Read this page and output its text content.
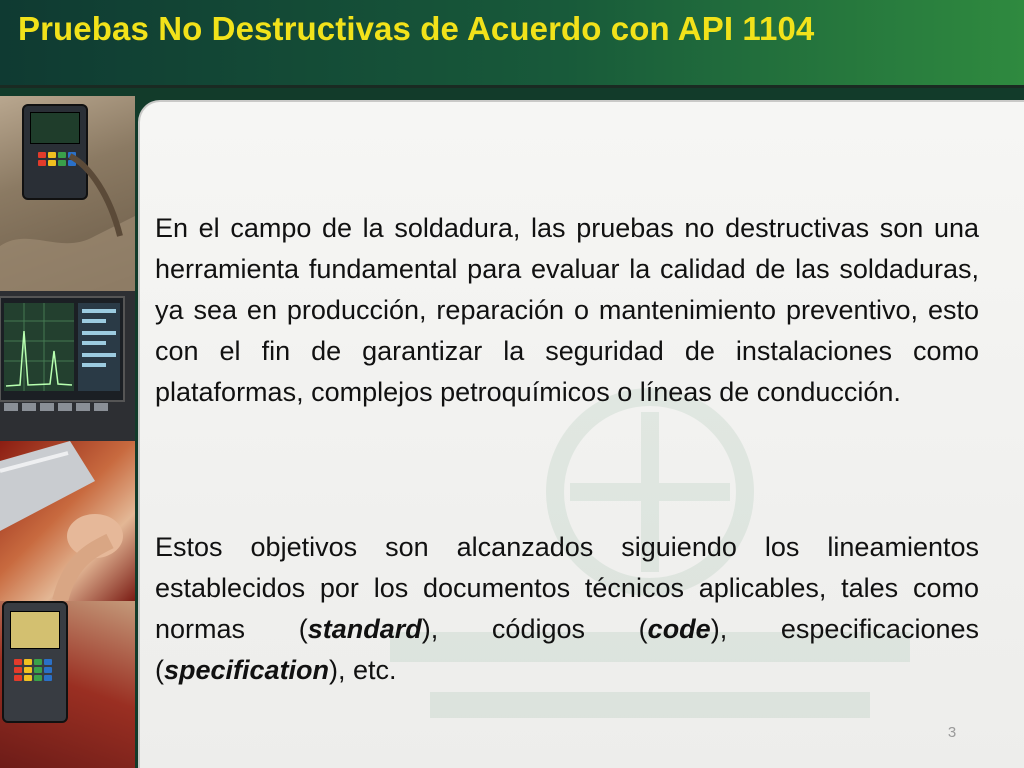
Pruebas No Destructivas de Acuerdo con API 1104

En el campo de la soldadura, las pruebas no destructivas son una herramienta fundamental para evaluar la calidad de las soldaduras, ya sea en producción, reparación o mantenimiento preventivo, esto con el fin de garantizar la seguridad de instalaciones como plataformas, complejos petroquímicos o líneas de conducción.

Estos objetivos son alcanzados siguiendo los lineamientos establecidos por los documentos técnicos aplicables, tales como normas (standard), códigos (code), especificaciones (specification), etc.

3
